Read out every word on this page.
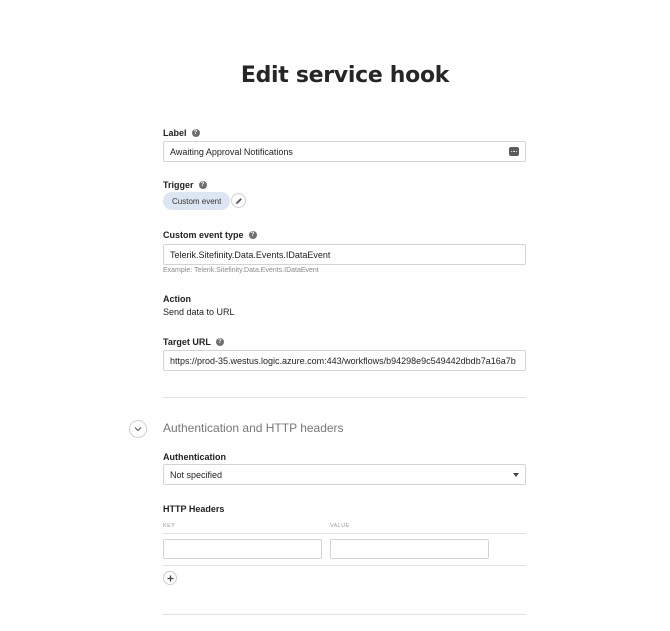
Edit service hook
Label	?
Awaiting Approval Notifications
Trigger	?
Custom event
Custom event type	?
Telerik.Sitefinity.Data.Events.IDataEvent
Example: Telerik.Sitefinity.Data.Events.IDataEvent
Action
Send data to URL
Target URL	?
https://prod-35.westus.logic.azure.com:443/workflows/b94298e9c549442dbdb7a16a7b
Authentication and HTTP headers
Authentication
Not specified
HTTP Headers
KEY	VALUE
